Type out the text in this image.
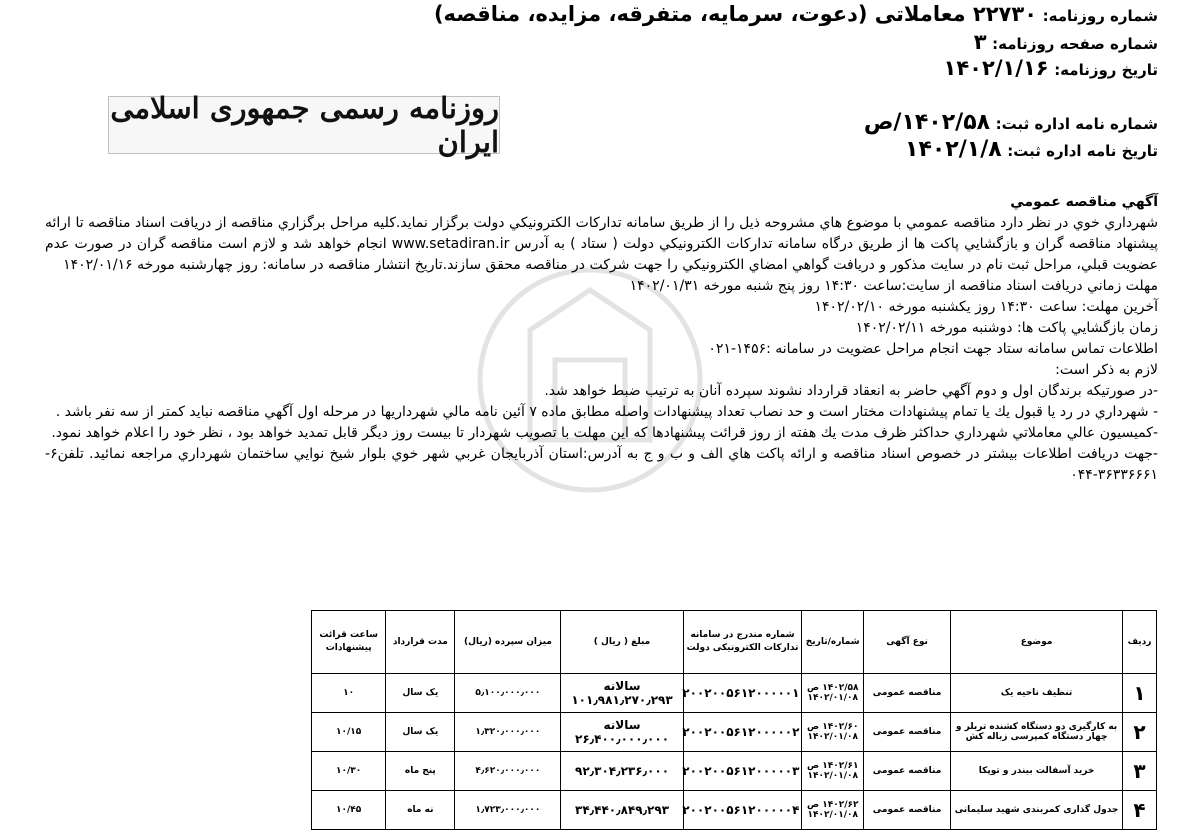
شماره روزنامه: ۲۲۷۳۰ معاملاتی (دعوت، سرمایه، متفرقه، مزایده، مناقصه)
شماره صفحه روزنامه: ۳
تاریخ روزنامه: ۱۴۰۲/۱/۱۶
شماره نامه اداره ثبت: ۱۴۰۲/۵۸/ص
تاریخ نامه اداره ثبت: ۱۴۰۲/۱/۸
روزنامه رسمی جمهوری اسلامی ایران
آگهي مناقصه عمومي

شهرداري خوي در نظر دارد مناقصه عمومي با موضوع هاي مشروحه ذيل را از طريق سامانه تداركات الكترونيكي دولت برگزار نمايد.كليه مراحل برگزاري مناقصه از دريافت اسناد مناقصه تا ارائه پيشنهاد مناقصه گران و بازگشايي پاكت ها از طريق درگاه سامانه تداركات الكترونيكي دولت ( ستاد ) به آدرس www.setadiran.ir انجام خواهد شد و لازم است مناقصه گران در صورت عدم عضويت قبلي، مراحل ثبت نام در سايت مذكور و دريافت گواهي امضاي الكترونيكي را جهت شركت در مناقصه محقق سازند.تاريخ انتشار مناقصه در سامانه: روز چهارشنبه مورخه ۱۴۰۲/۰۱/۱۶

مهلت زماني دريافت اسناد مناقصه از سايت:ساعت ۱۴:۳۰ روز پنج شنبه مورخه ۱۴۰۲/۰۱/۳۱

آخرين مهلت: ساعت ۱۴:۳۰ روز يكشنبه مورخه ۱۴۰۲/۰۲/۱۰

زمان بازگشايي پاكت ها: دوشنبه مورخه ۱۴۰۲/۰۲/۱۱

اطلاعات تماس سامانه ستاد جهت انجام مراحل عضويت در سامانه :۱۴۵۶-۰۲۱

لازم به ذكر است:

-در صورتيكه برندگان اول و دوم آگهي حاضر به انعقاد قرارداد نشوند سپرده آنان به ترتيب ضبط خواهد شد.

- شهرداري در رد يا قبول يك يا تمام پيشنهادات مختار است و حد نصاب تعداد پيشنهادات واصله مطابق ماده ۷ آئين نامه مالي شهرداريها در مرحله اول آگهي مناقصه نبايد كمتر از سه نفر باشد .

-كميسيون عالي معاملاتي شهرداري حداكثر ظرف مدت يك هفته از روز قرائت پيشنهادها كه اين مهلت با تصويب شهردار تا بيست روز ديگر قابل تمديد خواهد بود ، نظر خود را اعلام خواهد نمود.

-جهت دريافت اطلاعات بيشتر در خصوص اسناد مناقصه و ارائه پاكت هاي الف و ب و ج به آدرس:استان آذربايجان غربي شهر خوي بلوار شيخ نوايي ساختمان شهرداري مراجعه نمائيد. تلفن۶- ۳۶۳۳۶۶۶۱-۰۴۴

ردیف	موضوع	نوع آگهی	شماره/تاریخ	شماره مندرج در سامانه تدارکات الکترونیکی دولت	مبلغ ( ریال )	میزان سپرده (ریال)	مدت قرارداد	ساعت قرائت پیشنهادات
۱	تنظیف ناحیه یک	مناقصه عمومی	۱۴۰۲/۵۸ ص ۱۴۰۲/۰۱/۰۸	۲۰۰۲۰۰۵۶۱۲۰۰۰۰۰۱	سالانه ۱۰۱٫۹۸۱٫۲۷۰٫۲۹۳	۵٫۱۰۰٫۰۰۰٫۰۰۰	یک سال	۱۰
۲	به کارگیری دو دستگاه کشنده تریلر و چهار دستگاه کمپرسی زباله کش	مناقصه عمومی	۱۴۰۲/۶۰ ص ۱۴۰۲/۰۱/۰۸	۲۰۰۲۰۰۵۶۱۲۰۰۰۰۰۲	سالانه ۲۶٫۴۰۰٫۰۰۰٫۰۰۰	۱٫۳۲۰٫۰۰۰٫۰۰۰	یک سال	۱۰/۱۵
۳	خرید آسفالت بیندر و توپکا	مناقصه عمومی	۱۴۰۲/۶۱ ص ۱۴۰۲/۰۱/۰۸	۲۰۰۲۰۰۵۶۱۲۰۰۰۰۰۳	۹۲٫۳۰۴٫۲۳۶٫۰۰۰	۴٫۶۲۰٫۰۰۰٫۰۰۰	پنج ماه	۱۰/۳۰
۴	جدول گذاری کمربندی شهید سلیمانی	مناقصه عمومی	۱۴۰۲/۶۲ ص ۱۴۰۲/۰۱/۰۸	۲۰۰۲۰۰۵۶۱۲۰۰۰۰۰۴	۳۴٫۴۴۰٫۸۴۹٫۲۹۳	۱٫۷۲۳٫۰۰۰٫۰۰۰	نه ماه	۱۰/۴۵
